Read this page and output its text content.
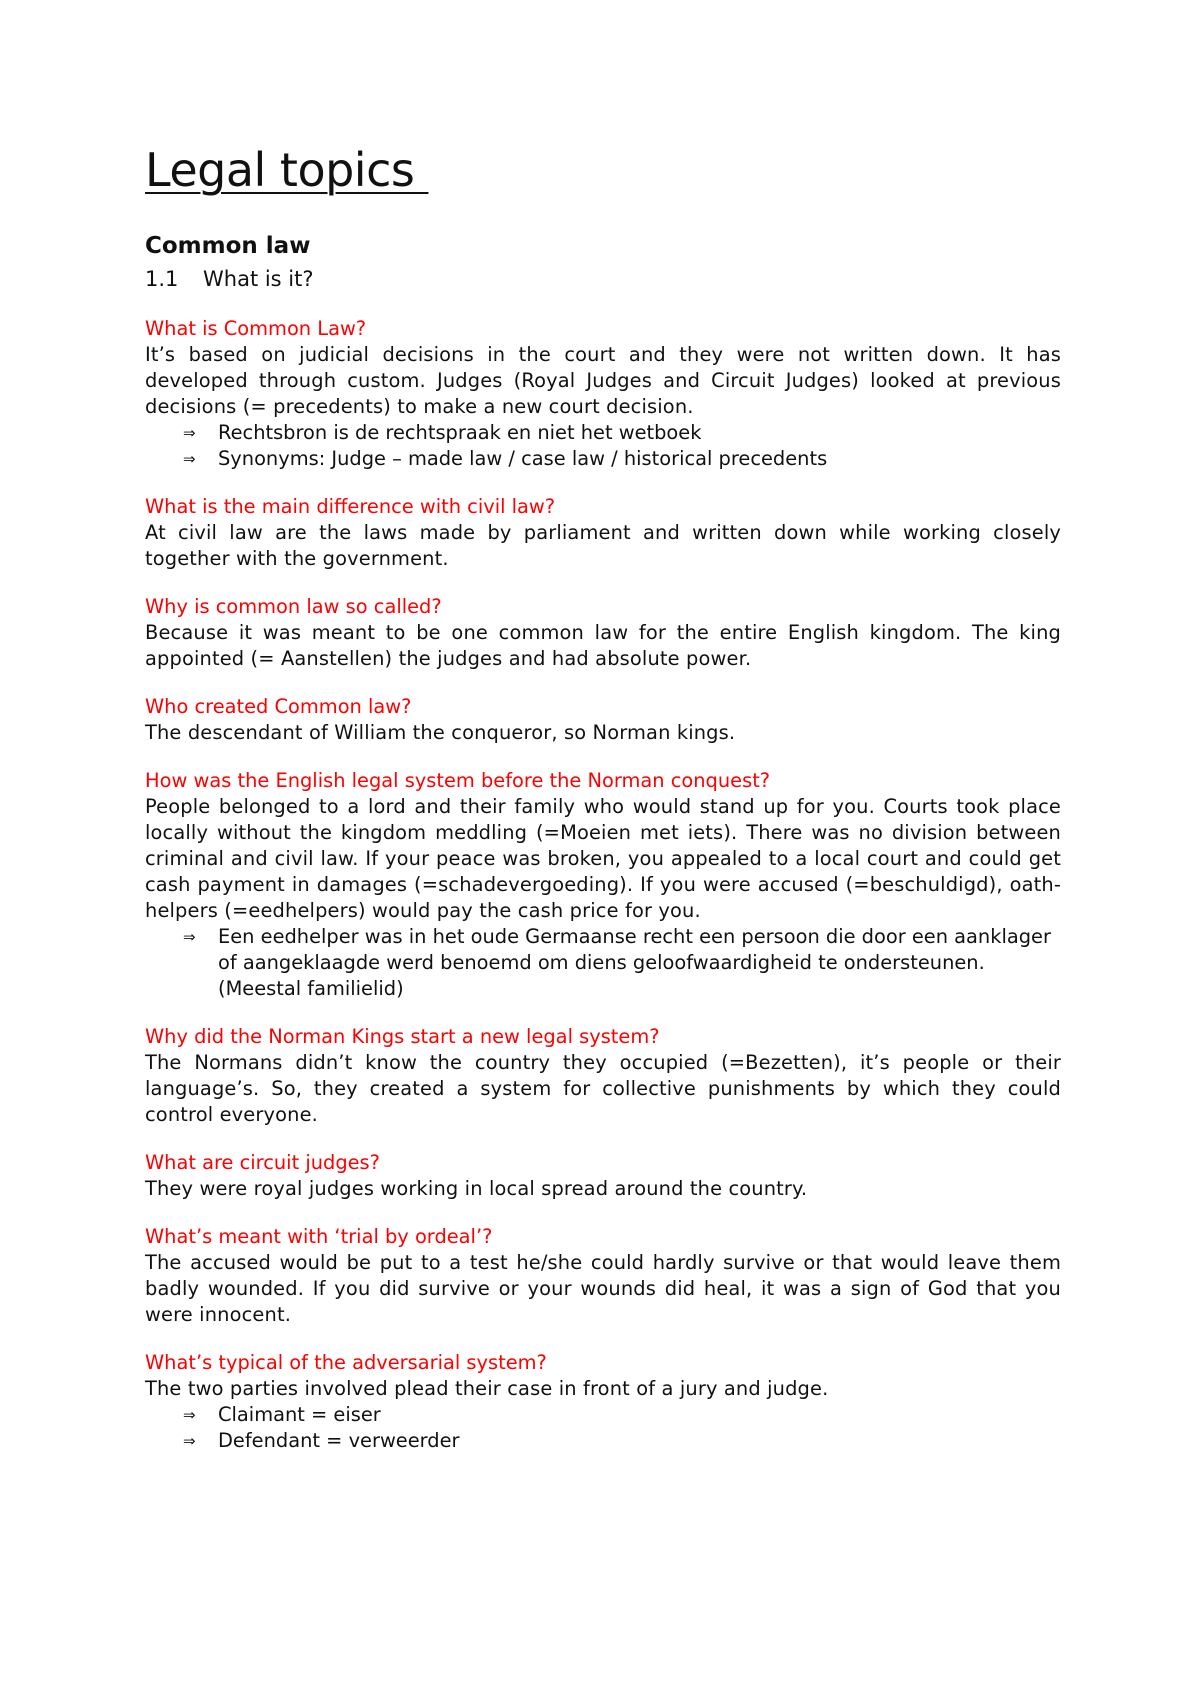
Legal topics
Common law
1.1 What is it?

What is Common Law?

It’s based on judicial decisions in the court and they were not written down. It has developed through custom. Judges (Royal Judges and Circuit Judges) looked at previous decisions (= precedents) to make a new court decision.

⇒ Rechtsbron is de rechtspraak en niet het wetboek
⇒ Synonyms: Judge – made law / case law / historical precedents

What is the main difference with civil law?

At civil law are the laws made by parliament and written down while working closely together with the government.

Why is common law so called?

Because it was meant to be one common law for the entire English kingdom. The king appointed (= Aanstellen) the judges and had absolute power.

Who created Common law?

The descendant of William the conqueror, so Norman kings.

How was the English legal system before the Norman conquest?

People belonged to a lord and their family who would stand up for you. Courts took place locally without the kingdom meddling (=Moeien met iets). There was no division between criminal and civil law. If your peace was broken, you appealed to a local court and could get cash payment in damages (=schadevergoeding). If you were accused (=beschuldigd), oath-helpers (=eedhelpers) would pay the cash price for you.

⇒ Een eedhelper was in het oude Germaanse recht een persoon die door een aanklager of aangeklaagde werd benoemd om diens geloofwaardigheid te ondersteunen. (Meestal familielid)

Why did the Norman Kings start a new legal system?

The Normans didn’t know the country they occupied (=Bezetten), it’s people or their language’s. So, they created a system for collective punishments by which they could control everyone.

What are circuit judges?

They were royal judges working in local spread around the country.

What’s meant with ‘trial by ordeal’?

The accused would be put to a test he/she could hardly survive or that would leave them badly wounded. If you did survive or your wounds did heal, it was a sign of God that you were innocent.

What’s typical of the adversarial system?

The two parties involved plead their case in front of a jury and judge.

⇒ Claimant = eiser
⇒ Defendant = verweerder
